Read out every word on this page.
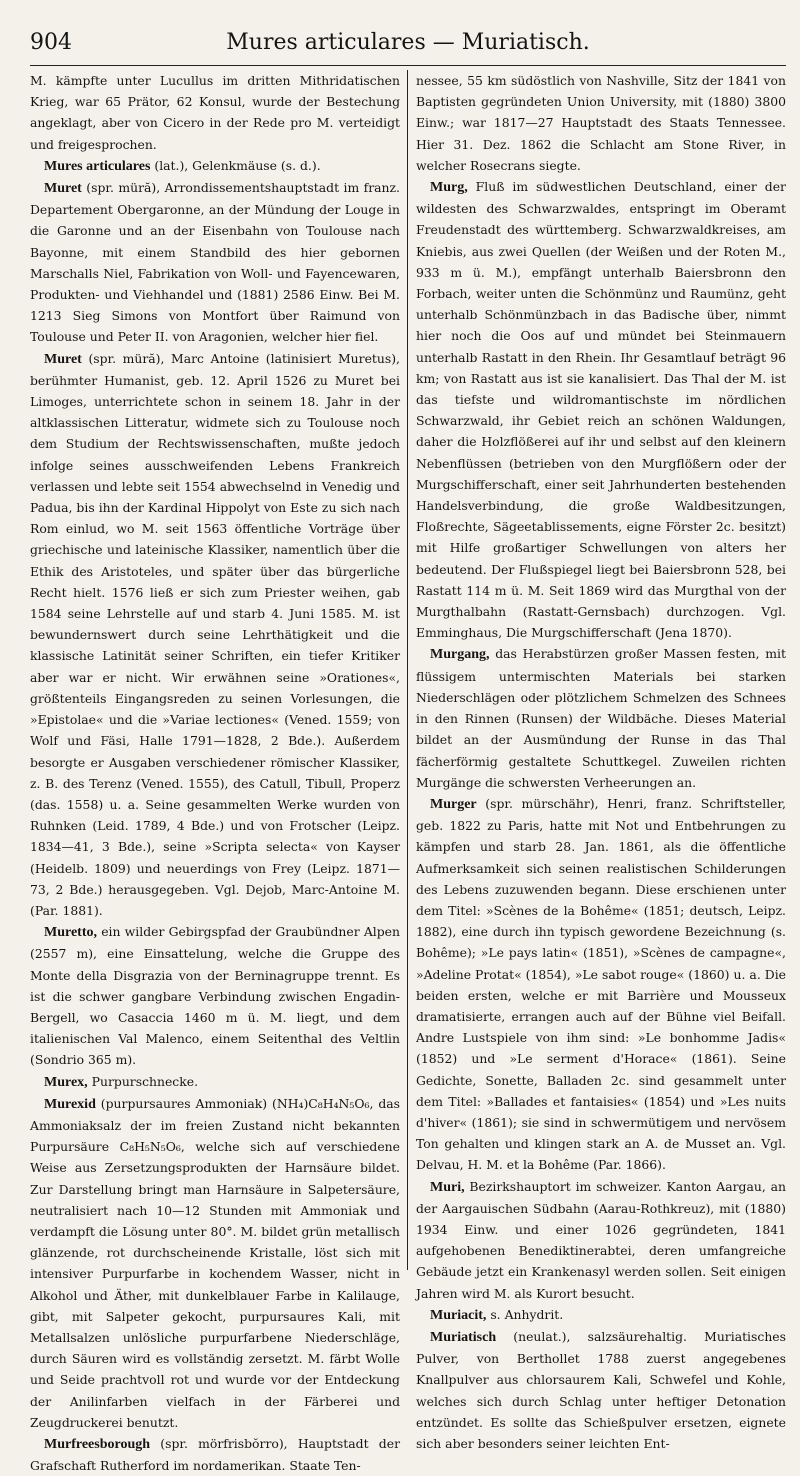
904	Mures articulares — Muriatisch.

M. kämpfte unter Lucullus im dritten Mithridatischen Krieg, war 65 Prätor, 62 Konsul, wurde der Bestechung angeklagt, aber von Cicero in der Rede pro M. verteidigt und freigesprochen.

Mures articulares (lat.), Gelenkmäuse (s. d.).

Muret (spr. müră), Arrondissementshauptstadt im franz. Departement Obergaronne, an der Mündung der Louge in die Garonne und an der Eisenbahn von Toulouse nach Bayonne, mit einem Standbild des hier gebornen Marschalls Niel, Fabrikation von Woll- und Fayencewaren, Produkten- und Viehhandel und (1881) 2586 Einw. Bei M. 1213 Sieg Simons von Montfort über Raimund von Toulouse und Peter II. von Aragonien, welcher hier fiel.

Muret (spr. müră), Marc Antoine (latinisiert Muretus), berühmter Humanist, geb. 12. April 1526 zu Muret bei Limoges, unterrichtete schon in seinem 18. Jahr in der altklassischen Litteratur, widmete sich zu Toulouse noch dem Studium der Rechtswissenschaften, mußte jedoch infolge seines ausschweifenden Lebens Frankreich verlassen und lebte seit 1554 abwechselnd in Venedig und Padua, bis ihn der Kardinal Hippolyt von Este zu sich nach Rom einlud, wo M. seit 1563 öffentliche Vorträge über griechische und lateinische Klassiker, namentlich über die Ethik des Aristoteles, und später über das bürgerliche Recht hielt. 1576 ließ er sich zum Priester weihen, gab 1584 seine Lehrstelle auf und starb 4. Juni 1585. M. ist bewundernswert durch seine Lehrthätigkeit und die klassische Latinität seiner Schriften, ein tiefer Kritiker aber war er nicht. Wir erwähnen seine »Orationes«, größtenteils Eingangsreden zu seinen Vorlesungen, die »Epistolae« und die »Variae lectiones« (Vened. 1559; von Wolf und Fäsi, Halle 1791—1828, 2 Bde.). Außerdem besorgte er Ausgaben verschiedener römischer Klassiker, z. B. des Terenz (Vened. 1555), des Catull, Tibull, Properz (das. 1558) u. a. Seine gesammelten Werke wurden von Ruhnken (Leid. 1789, 4 Bde.) und von Frotscher (Leipz. 1834—41, 3 Bde.), seine »Scripta selecta« von Kayser (Heidelb. 1809) und neuerdings von Frey (Leipz. 1871—73, 2 Bde.) herausgegeben. Vgl. Dejob, Marc-Antoine M. (Par. 1881).

Muretto, ein wilder Gebirgspfad der Graubündner Alpen (2557 m), eine Einsattelung, welche die Gruppe des Monte della Disgrazia von der Berninagruppe trennt. Es ist die schwer gangbare Verbindung zwischen Engadin-Bergell, wo Casaccia 1460 m ü. M. liegt, und dem italienischen Val Malenco, einem Seitenthal des Veltlin (Sondrio 365 m).

Murex, Purpurschnecke.

Murexid (purpursaures Ammoniak) (NH₄)C₈H₄N₅O₆, das Ammoniaksalz der im freien Zustand nicht bekannten Purpursäure C₈H₅N₅O₆, welche sich auf verschiedene Weise aus Zersetzungsprodukten der Harnsäure bildet. Zur Darstellung bringt man Harnsäure in Salpetersäure, neutralisiert nach 10—12 Stunden mit Ammoniak und verdampft die Lösung unter 80°. M. bildet grün metallisch glänzende, rot durchscheinende Kristalle, löst sich mit intensiver Purpurfarbe in kochendem Wasser, nicht in Alkohol und Äther, mit dunkelblauer Farbe in Kalilauge, gibt, mit Salpeter gekocht, purpursaures Kali, mit Metallsalzen unlösliche purpurfarbene Niederschläge, durch Säuren wird es vollständig zersetzt. M. färbt Wolle und Seide prachtvoll rot und wurde vor der Entdeckung der Anilinfarben vielfach in der Färberei und Zeugdruckerei benutzt.

Murfreesborough (spr. mörfrisbŏrro), Hauptstadt der Grafschaft Rutherford im nordamerikan. Staate Ten-

nessee, 55 km südöstlich von Nashville, Sitz der 1841 von Baptisten gegründeten Union University, mit (1880) 3800 Einw.; war 1817—27 Hauptstadt des Staats Tennessee. Hier 31. Dez. 1862 die Schlacht am Stone River, in welcher Rosecrans siegte.

Murg, Fluß im südwestlichen Deutschland, einer der wildesten des Schwarzwaldes, entspringt im Oberamt Freudenstadt des württemberg. Schwarzwaldkreises, am Kniebis, aus zwei Quellen (der Weißen und der Roten M., 933 m ü. M.), empfängt unterhalb Baiersbronn den Forbach, weiter unten die Schönmünz und Raumünz, geht unterhalb Schönmünzbach in das Badische über, nimmt hier noch die Oos auf und mündet bei Steinmauern unterhalb Rastatt in den Rhein. Ihr Gesamtlauf beträgt 96 km; von Rastatt aus ist sie kanalisiert. Das Thal der M. ist das tiefste und wildromantischste im nördlichen Schwarzwald, ihr Gebiet reich an schönen Waldungen, daher die Holzflößerei auf ihr und selbst auf den kleinern Nebenflüssen (betrieben von den Murgflößern oder der Murgschifferschaft, einer seit Jahrhunderten bestehenden Handelsverbindung, die große Waldbesitzungen, Floßrechte, Sägeetablissements, eigne Förster 2c. besitzt) mit Hilfe großartiger Schwellungen von alters her bedeutend. Der Flußspiegel liegt bei Baiersbronn 528, bei Rastatt 114 m ü. M. Seit 1869 wird das Murgthal von der Murgthalbahn (Rastatt-Gernsbach) durchzogen. Vgl. Emminghaus, Die Murgschifferschaft (Jena 1870).

Murgang, das Herabstürzen großer Massen festen, mit flüssigem untermischten Materials bei starken Niederschlägen oder plötzlichem Schmelzen des Schnees in den Rinnen (Runsen) der Wildbäche. Dieses Material bildet an der Ausmündung der Runse in das Thal fächerförmig gestaltete Schuttkegel. Zuweilen richten Murgänge die schwersten Verheerungen an.

Murger (spr. mürschähr), Henri, franz. Schriftsteller, geb. 1822 zu Paris, hatte mit Not und Entbehrungen zu kämpfen und starb 28. Jan. 1861, als die öffentliche Aufmerksamkeit sich seinen realistischen Schilderungen des Lebens zuzuwenden begann. Diese erschienen unter dem Titel: »Scènes de la Bohême« (1851; deutsch, Leipz. 1882), eine durch ihn typisch gewordene Bezeichnung (s. Bohême); »Le pays latin« (1851), »Scènes de campagne«, »Adeline Protat« (1854), »Le sabot rouge« (1860) u. a. Die beiden ersten, welche er mit Barrière und Mousseux dramatisierte, errangen auch auf der Bühne viel Beifall. Andre Lustspiele von ihm sind: »Le bonhomme Jadis« (1852) und »Le serment d'Horace« (1861). Seine Gedichte, Sonette, Balladen 2c. sind gesammelt unter dem Titel: »Ballades et fantaisies« (1854) und »Les nuits d'hiver« (1861); sie sind in schwermütigem und nervösem Ton gehalten und klingen stark an A. de Musset an. Vgl. Delvau, H. M. et la Bohême (Par. 1866).

Muri, Bezirkshauptort im schweizer. Kanton Aargau, an der Aargauischen Südbahn (Aarau-Rothkreuz), mit (1880) 1934 Einw. und einer 1026 gegründeten, 1841 aufgehobenen Benediktinerabtei, deren umfangreiche Gebäude jetzt ein Krankenasyl werden sollen. Seit einigen Jahren wird M. als Kurort besucht.

Muriacit, s. Anhydrit.

Muriatisch (neulat.), salzsäurehaltig. Muriatisches Pulver, von Berthollet 1788 zuerst angegebenes Knallpulver aus chlorsaurem Kali, Schwefel und Kohle, welches sich durch Schlag unter heftiger Detonation entzündet. Es sollte das Schießpulver ersetzen, eignete sich aber besonders seiner leichten Ent-
